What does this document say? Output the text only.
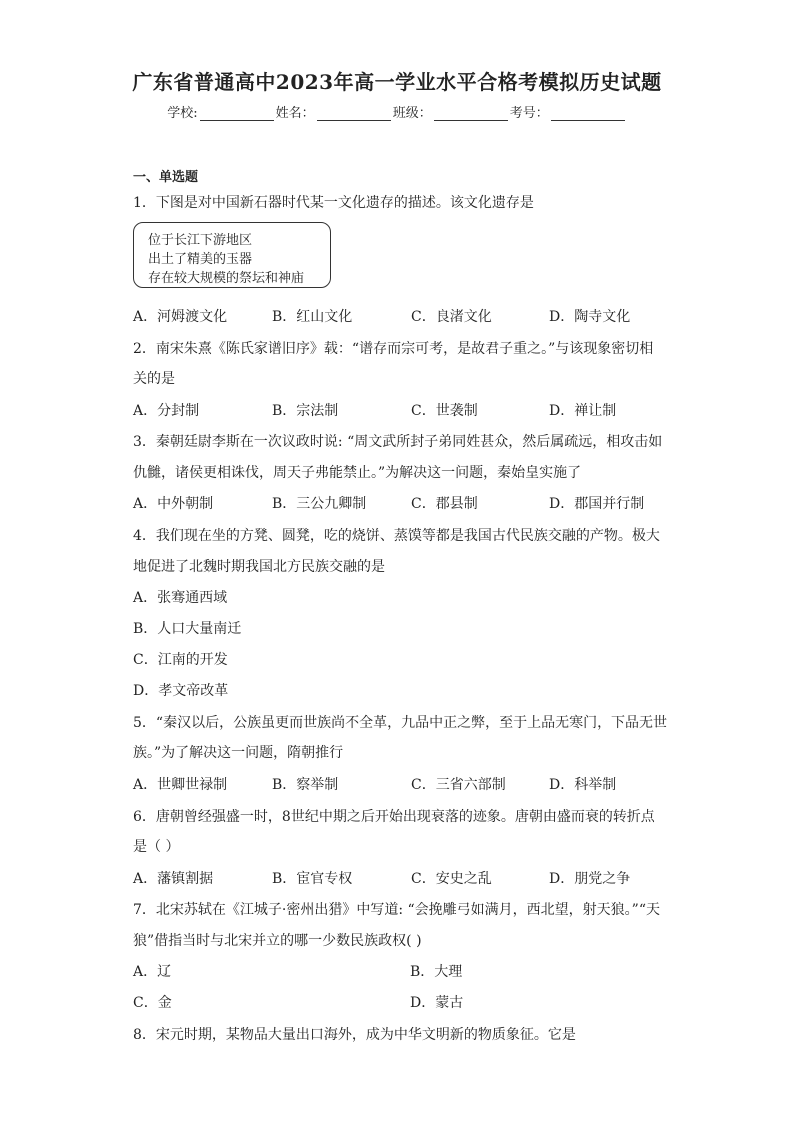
广东省普通高中2023年高一学业水平合格考模拟历史试题
学校:	姓名：	班级：	考号：
一、单选题
1．下图是对中国新石器时代某一文化遗存的描述。该文化遗存是
位于长江下游地区
出土了精美的玉器
存在较大规模的祭坛和神庙
A．河姆渡文化	B．红山文化	C．良渚文化	D．陶寺文化
2．南宋朱熹《陈氏家谱旧序》载：“谱存而宗可考，是故君子重之。”与该现象密切相
关的是
A．分封制	B．宗法制	C．世袭制	D．禅让制
3．秦朝廷尉李斯在一次议政时说: “周文武所封子弟同姓甚众，然后属疏远，相攻击如
仇雠，诸侯更相诛伐，周天子弗能禁止。”为解决这一问题，秦始皇实施了
A．中外朝制	B．三公九卿制	C．郡县制	D．郡国并行制
4．我们现在坐的方凳、圆凳，吃的烧饼、蒸馍等都是我国古代民族交融的产物。极大
地促进了北魏时期我国北方民族交融的是
A．张骞通西域
B．人口大量南迁
C．江南的开发
D．孝文帝改革
5．“秦汉以后，公族虽更而世族尚不全革，九品中正之弊，至于上品无寒门，下品无世
族。”为了解决这一问题，隋朝推行
A．世卿世禄制	B．察举制	C．三省六部制	D．科举制
6．唐朝曾经强盛一时，8世纪中期之后开始出现衰落的迹象。唐朝由盛而衰的转折点
是（ ）
A．藩镇割据	B．宦官专权	C．安史之乱	D．朋党之争
7．北宋苏轼在《江城子·密州出猎》中写道: “会挽雕弓如满月，西北望，射天狼。”“天
狼”借指当时与北宋并立的哪一少数民族政权( )
A．辽	B．大理
C．金	D．蒙古
8．宋元时期，某物品大量出口海外，成为中华文明新的物质象征。它是
